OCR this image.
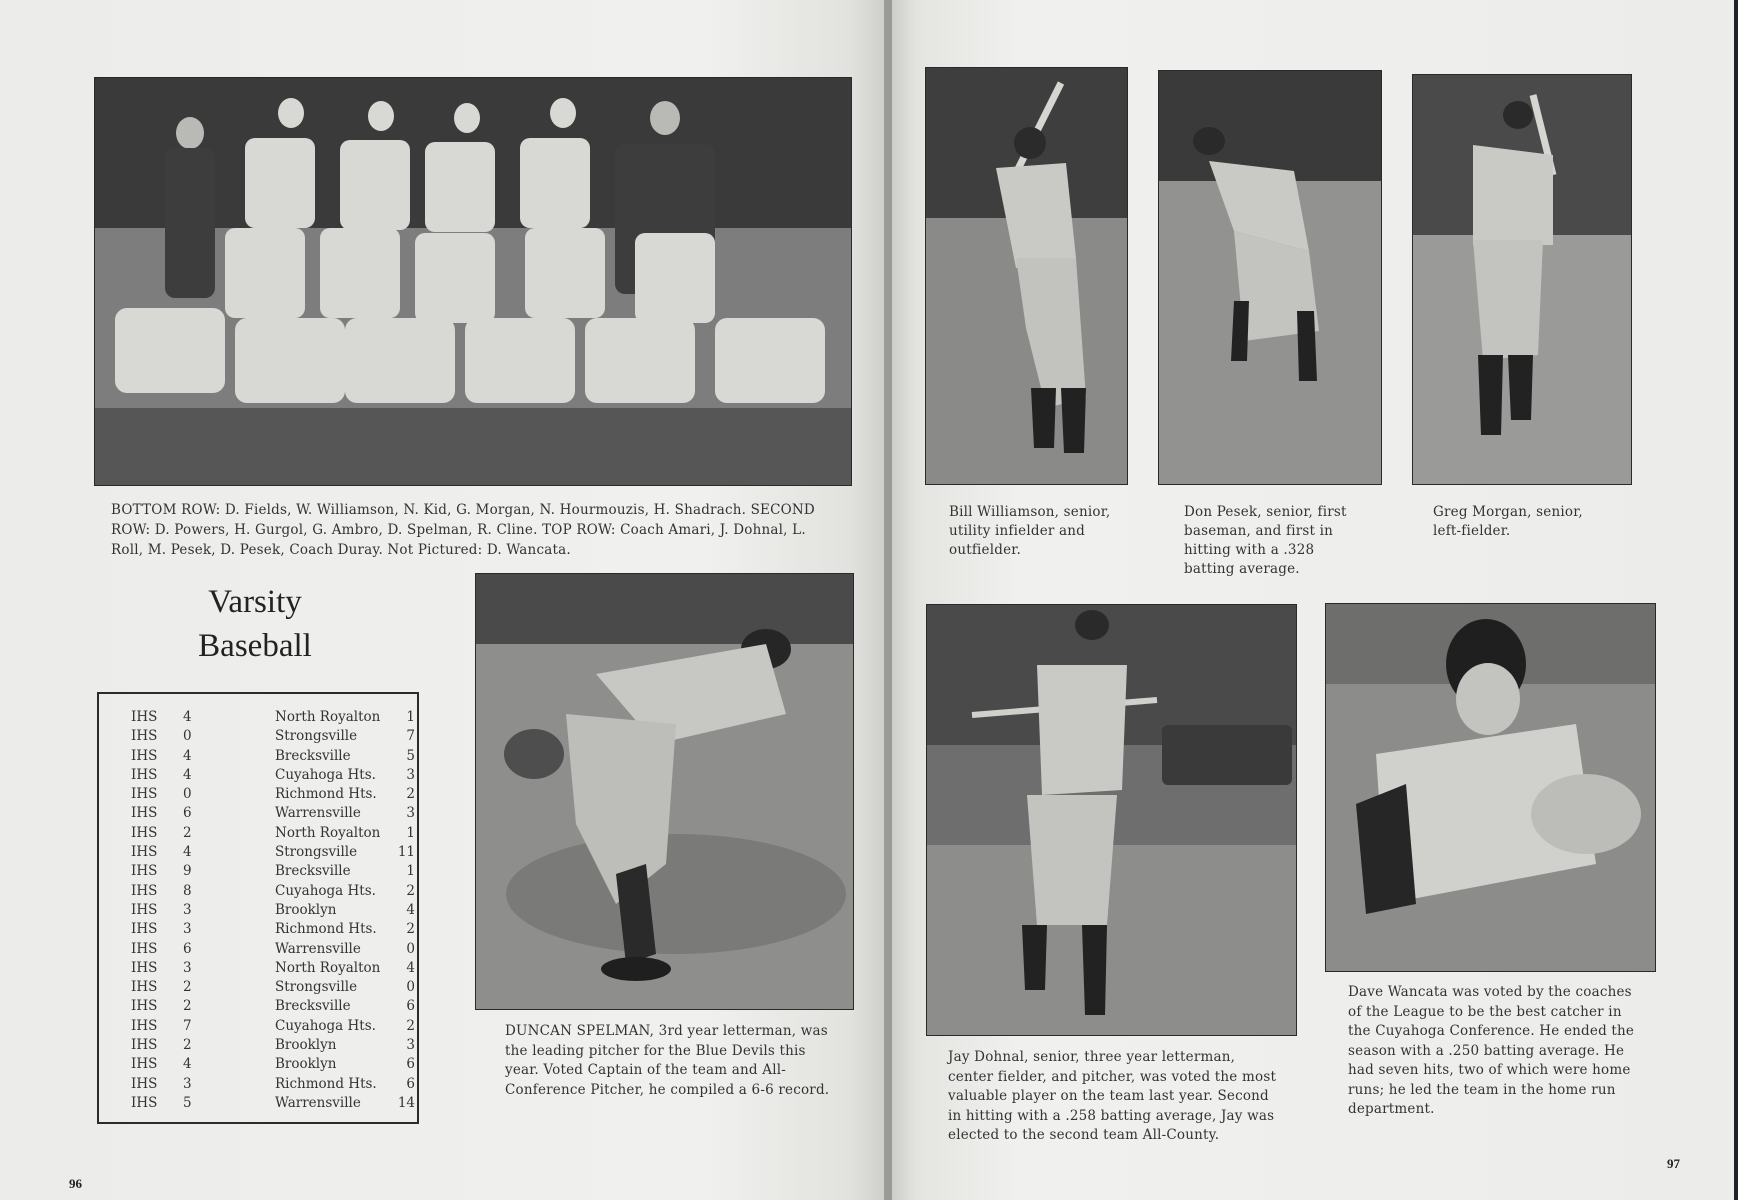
BOTTOM ROW: D. Fields, W. Williamson, N. Kid, G. Morgan, N. Hourmouzis, H. Shadrach. SECOND ROW: D. Powers, H. Gurgol, G. Ambro, D. Spelman, R. Cline. TOP ROW: Coach Amari, J. Dohnal, L. Roll, M. Pesek, D. Pesek, Coach Duray. Not Pictured: D. Wancata.
Varsity
Baseball
IHS	4	North Royalton	1
IHS	0	Strongsville	7
IHS	4	Brecksville	5
IHS	4	Cuyahoga Hts.	3
IHS	0	Richmond Hts.	2
IHS	6	Warrensville	3
IHS	2	North Royalton	1
IHS	4	Strongsville	11
IHS	9	Brecksville	1
IHS	8	Cuyahoga Hts.	2
IHS	3	Brooklyn	4
IHS	3	Richmond Hts.	2
IHS	6	Warrensville	0
IHS	3	North Royalton	4
IHS	2	Strongsville	0
IHS	2	Brecksville	6
IHS	7	Cuyahoga Hts.	2
IHS	2	Brooklyn	3
IHS	4	Brooklyn	6
IHS	3	Richmond Hts.	6
IHS	5	Warrensville	14
DUNCAN SPELMAN, 3rd year letterman, was the leading pitcher for the Blue Devils this year. Voted Captain of the team and All-Conference Pitcher, he compiled a 6-6 record.
96
Bill Williamson, senior, utility infielder and outfielder.
Don Pesek, senior, first baseman, and first in hitting with a .328 batting average.
Greg Morgan, senior, left-fielder.
Jay Dohnal, senior, three year letterman, center fielder, and pitcher, was voted the most valuable player on the team last year. Second in hitting with a .258 batting average, Jay was elected to the second team All-County.
Dave Wancata was voted by the coaches of the League to be the best catcher in the Cuyahoga Conference. He ended the season with a .250 batting average. He had seven hits, two of which were home runs; he led the team in the home run department.
97
